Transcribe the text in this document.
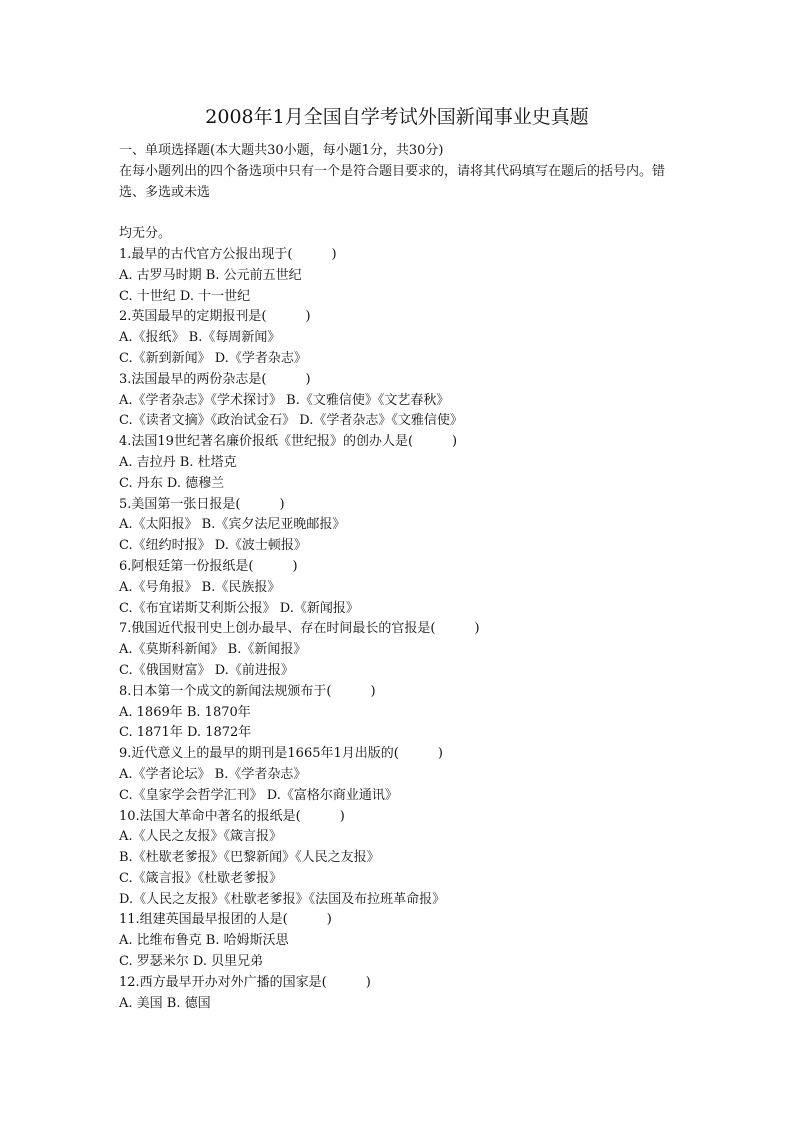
2008年1月全国自学考试外国新闻事业史真题
一、单项选择题(本大题共30小题，每小题1分，共30分)
在每小题列出的四个备选项中只有一个是符合题目要求的，请将其代码填写在题后的括号内。错选、多选或未选
均无分。
1.最早的古代官方公报出现于(　　　)
A. 古罗马时期 B. 公元前五世纪
C. 十世纪 D. 十一世纪
2.英国最早的定期报刊是(　　　)
A.《报纸》 B.《每周新闻》
C.《新到新闻》 D.《学者杂志》
3.法国最早的两份杂志是(　　　)
A.《学者杂志》《学术探讨》 B.《文雅信使》《文艺春秋》
C.《读者文摘》《政治试金石》 D.《学者杂志》《文雅信使》
4.法国19世纪著名廉价报纸《世纪报》的创办人是(　　　)
A. 吉拉丹 B. 杜塔克
C. 丹东 D. 德穆兰
5.美国第一张日报是(　　　)
A.《太阳报》 B.《宾夕法尼亚晚邮报》
C.《纽约时报》 D.《波士顿报》
6.阿根廷第一份报纸是(　　　)
A.《号角报》 B.《民族报》
C.《布宜诺斯艾利斯公报》 D.《新闻报》
7.俄国近代报刊史上创办最早、存在时间最长的官报是(　　　)
A.《莫斯科新闻》 B.《新闻报》
C.《俄国财富》 D.《前进报》
8.日本第一个成文的新闻法规颁布于(　　　)
A. 1869年 B. 1870年
C. 1871年 D. 1872年
9.近代意义上的最早的期刊是1665年1月出版的(　　　)
A.《学者论坛》 B.《学者杂志》
C.《皇家学会哲学汇刊》 D.《富格尔商业通讯》
10.法国大革命中著名的报纸是(　　　)
A.《人民之友报》《箴言报》
B.《杜歇老爹报》《巴黎新闻》《人民之友报》
C.《箴言报》《杜歇老爹报》
D.《人民之友报》《杜歇老爹报》《法国及布拉班革命报》
11.组建英国最早报团的人是(　　　)
A. 比维布鲁克 B. 哈姆斯沃思
C. 罗瑟米尔 D. 贝里兄弟
12.西方最早开办对外广播的国家是(　　　)
A. 美国 B. 德国
